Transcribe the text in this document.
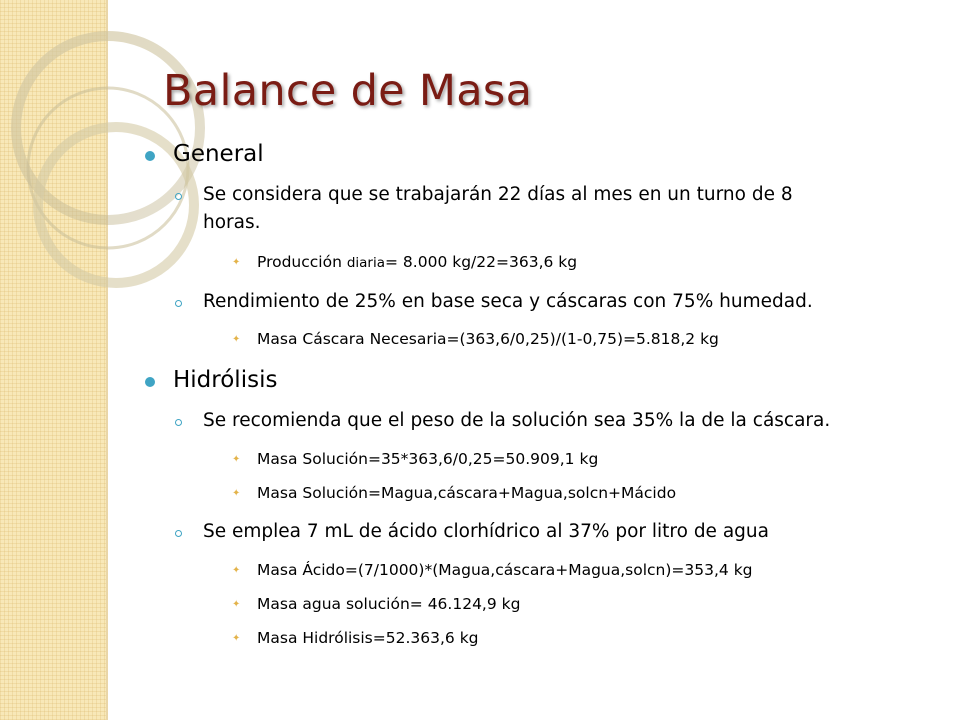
Balance de Masa
General
Se considera que se trabajarán 22 días al mes en un turno de 8
horas.
✦ Producción diaria= 8.000 kg/22=363,6 kg
Rendimiento de 25% en base seca y cáscaras con 75% humedad.
✦ Masa Cáscara Necesaria=(363,6/0,25)/(1-0,75)=5.818,2 kg
Hidrólisis
Se recomienda que el peso de la solución sea 35% la de la cáscara.
✦ Masa Solución=35*363,6/0,25=50.909,1 kg
✦ Masa Solución=Magua,cáscara+Magua,solcn+Mácido
Se emplea 7 mL de ácido clorhídrico al 37% por litro de agua
✦ Masa Ácido=(7/1000)*(Magua,cáscara+Magua,solcn)=353,4 kg
✦ Masa agua solución= 46.124,9 kg
✦ Masa Hidrólisis=52.363,6 kg
